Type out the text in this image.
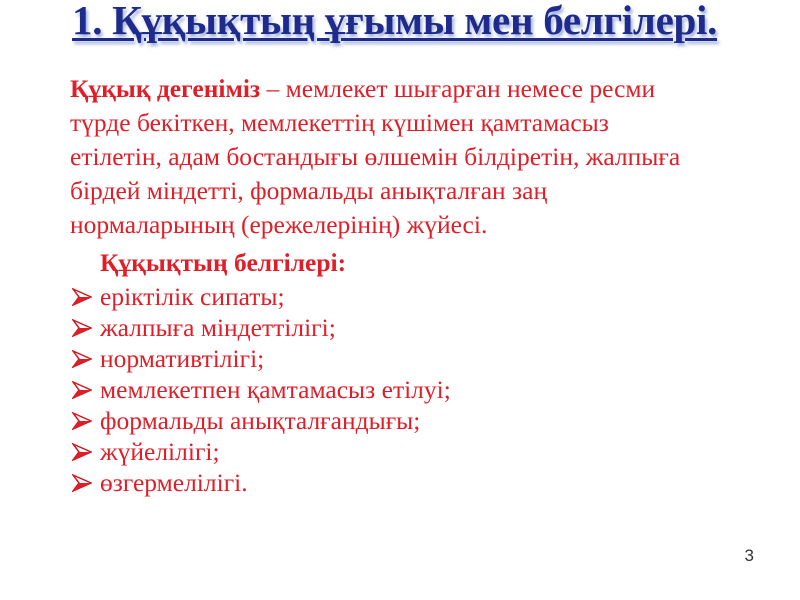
1. Құқықтың ұғымы мен белгілері.
Құқық дегеніміз – мемлекет шығарған немесе ресми
түрде бекіткен, мемлекеттің күшімен қамтамасыз
етілетін, адам бостандығы өлшемін білдіретін, жалпыға
бірдей міндетті, формальды анықталған заң
нормаларының (ережелерінің) жүйесі.
Құқықтың белгілері:
еріктілік сипаты;
жалпыға міндеттілігі;
нормативтілігі;
мемлекетпен қамтамасыз етілуі;
формальды анықталғандығы;
жүйелілігі;
өзгермелілігі.
3
